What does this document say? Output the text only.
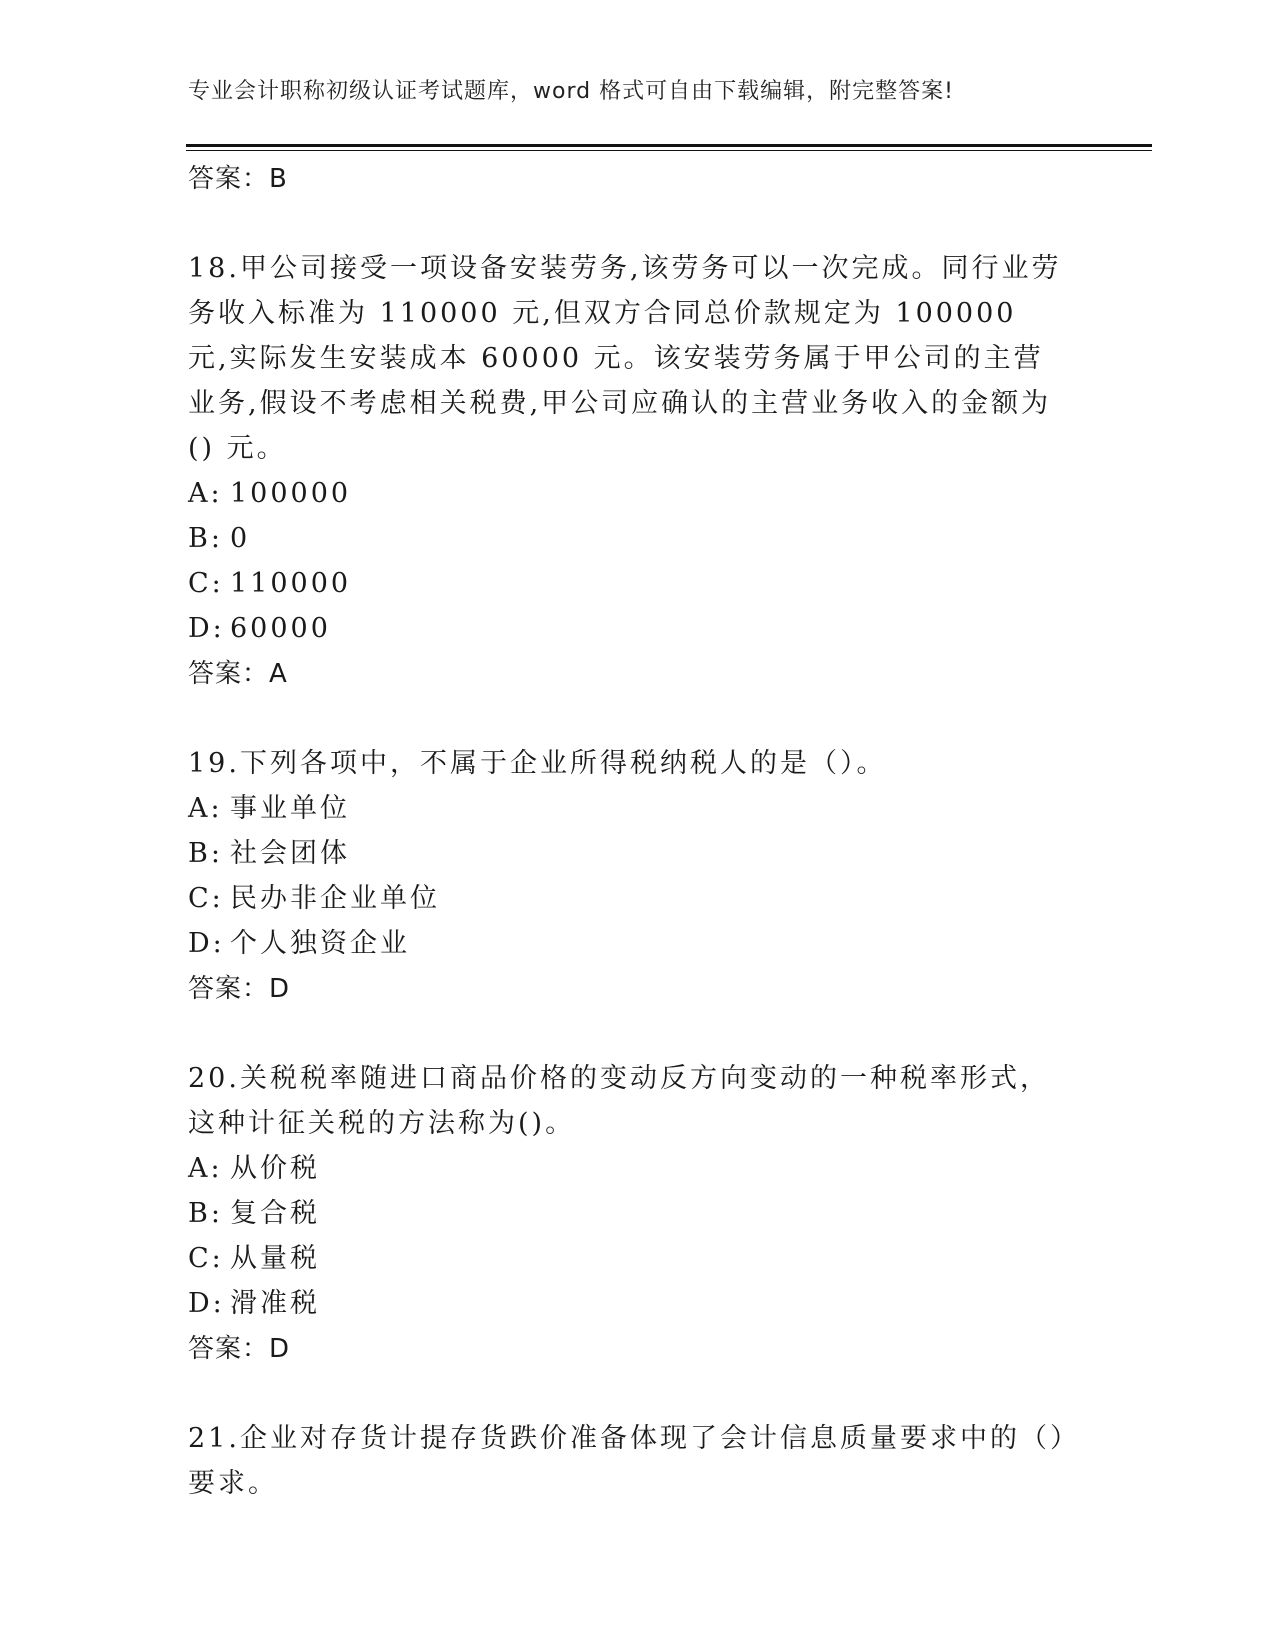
专业会计职称初级认证考试题库，word 格式可自由下载编辑，附完整答案!
答案：B

18.甲公司接受一项设备安装劳务,该劳务可以一次完成。同行业劳务收入标准为 110000 元,但双方合同总价款规定为 100000 元,实际发生安装成本 60000 元。该安装劳务属于甲公司的主营业务,假设不考虑相关税费,甲公司应确认的主营业务收入的金额为() 元。

A: 100000
B: 0
C: 110000
D: 60000
答案：A

19.下列各项中，不属于企业所得税纳税人的是（）。

A: 事业单位
B: 社会团体
C: 民办非企业单位
D: 个人独资企业
答案：D

20.关税税率随进口商品价格的变动反方向变动的一种税率形式，这种计征关税的方法称为()。

A: 从价税
B: 复合税
C: 从量税
D: 滑准税
答案：D

21.企业对存货计提存货跌价准备体现了会计信息质量要求中的（）要求。
